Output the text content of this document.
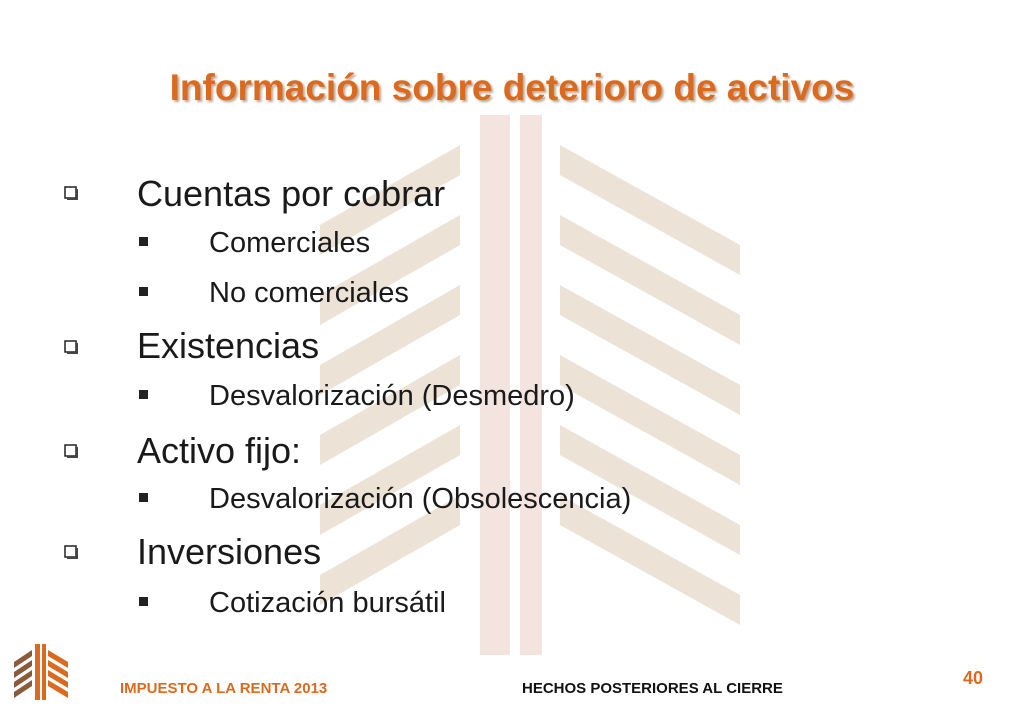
Información sobre deterioro de activos
Cuentas por cobrar
Comerciales
No comerciales
Existencias
Desvalorización (Desmedro)
Activo fijo:
Desvalorización (Obsolescencia)
Inversiones
Cotización bursátil
IMPUESTO A LA RENTA 2013	HECHOS POSTERIORES AL CIERRE
40
